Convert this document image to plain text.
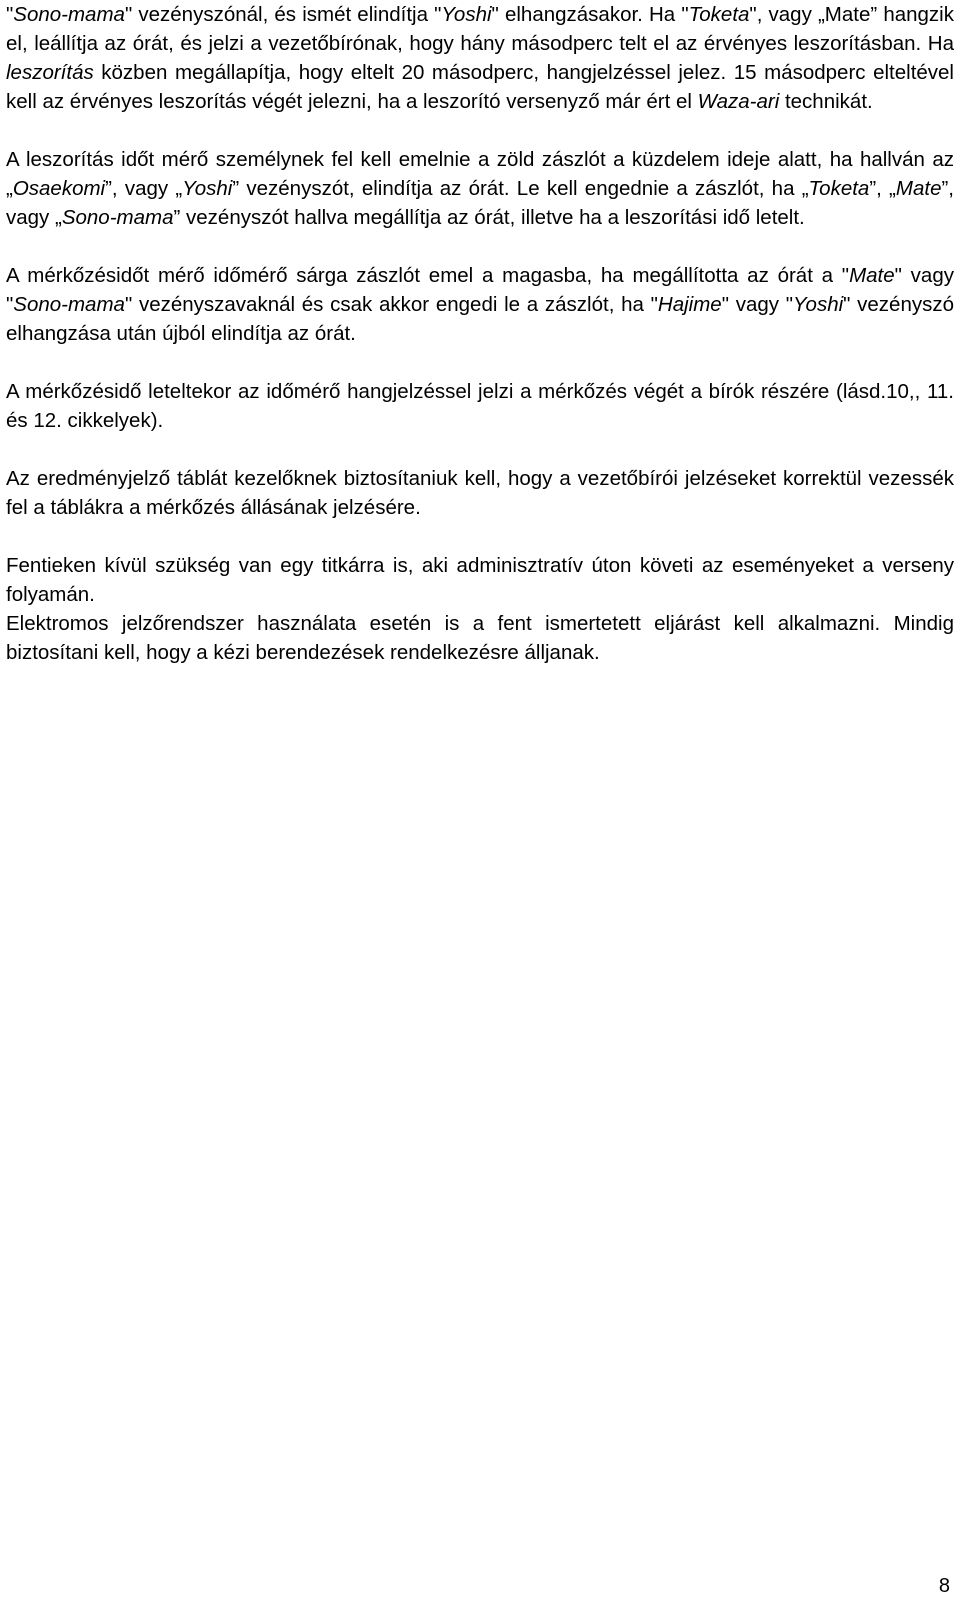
"Sono-mama" vezényszónál, és ismét elindítja "Yoshi" elhangzásakor. Ha "Toketa", vagy „Mate” hangzik el, leállítja az órát, és jelzi a vezetőbírónak, hogy hány másodperc telt el az érvényes leszorításban. Ha leszorítás közben megállapítja, hogy eltelt 20 másodperc, hangjelzéssel jelez. 15 másodperc elteltével kell az érvényes leszorítás végét jelezni, ha a leszorító versenyző már ért el Waza-ari technikát.

A leszorítás időt mérő személynek fel kell emelnie a zöld zászlót a küzdelem ideje alatt, ha hallván az „Osaekomi”, vagy „Yoshi” vezényszót, elindítja az órát. Le kell engednie a zászlót, ha „Toketa”, „Mate”, vagy „Sono-mama” vezényszót hallva megállítja az órát, illetve ha a leszorítási idő letelt.

A mérkőzésidőt mérő időmérő sárga zászlót emel a magasba, ha megállította az órát a "Mate" vagy "Sono-mama" vezényszavaknál és csak akkor engedi le a zászlót, ha "Hajime" vagy "Yoshi" vezényszó elhangzása után újból elindítja az órát.

A mérkőzésidő leteltekor az időmérő hangjelzéssel jelzi a mérkőzés végét a bírók részére (lásd.10,, 11. és 12. cikkelyek).

Az eredményjelző táblát kezelőknek biztosítaniuk kell, hogy a vezetőbírói jelzéseket korrektül vezessék fel a táblákra a mérkőzés állásának jelzésére.

Fentieken kívül szükség van egy titkárra is, aki adminisztratív úton követi az eseményeket a verseny folyamán.

Elektromos jelzőrendszer használata esetén is a fent ismertetett eljárást kell alkalmazni. Mindig biztosítani kell, hogy a kézi berendezések rendelkezésre álljanak.

8
